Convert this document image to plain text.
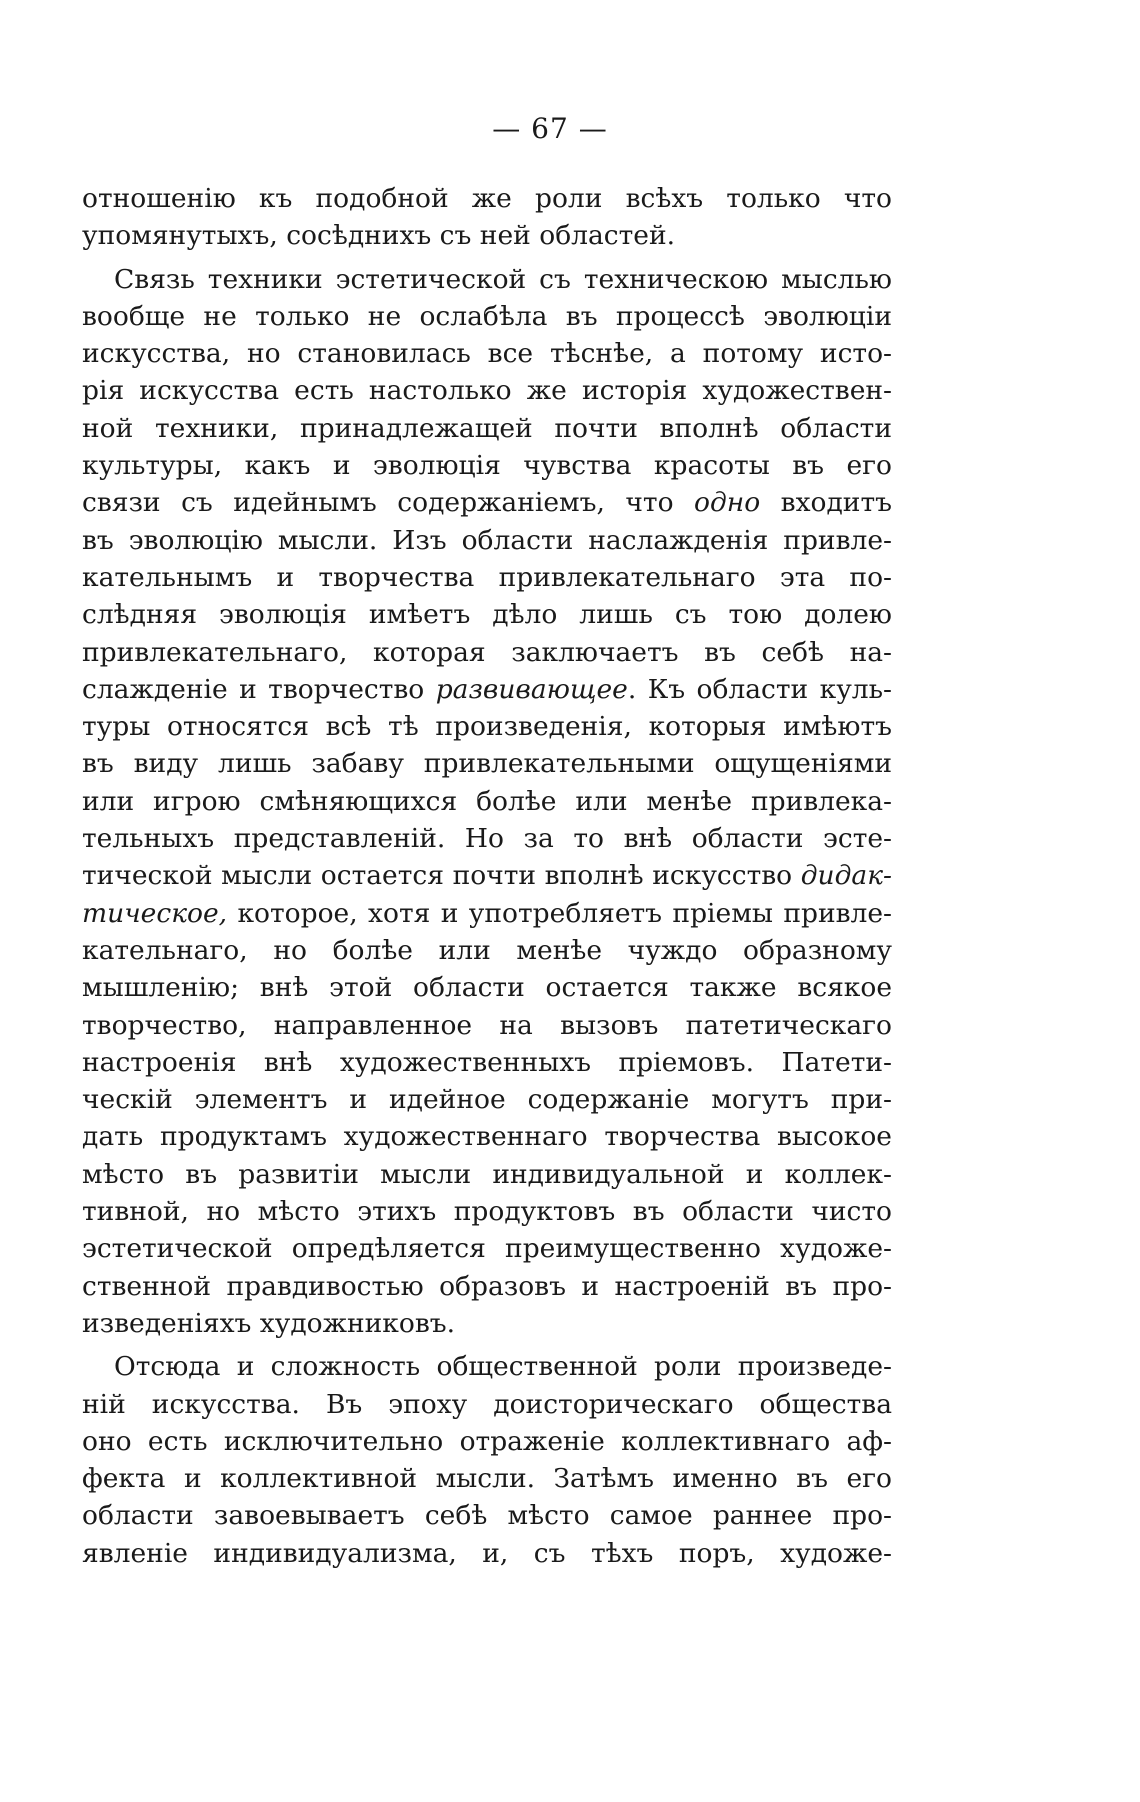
— 67 —
отношенію къ подобной же роли всѣхъ только что
упомянутыхъ, сосѣднихъ съ ней областей.
Связь техники эстетической съ техническою мыслью
вообще не только не ослабѣла въ процессѣ эволюціи
искусства, но становилась все тѣснѣе, а потому исто-
рія искусства есть настолько же исторія художествен-
ной техники, принадлежащей почти вполнѣ области
культуры, какъ и эволюція чувства красоты въ его
связи съ идейнымъ содержаніемъ, что одно входитъ
въ эволюцію мысли. Изъ области наслажденія привле-
кательнымъ и творчества привлекательнаго эта по-
слѣдняя эволюція имѣетъ дѣло лишь съ тою долею
привлекательнаго, которая заключаетъ въ себѣ на-
слажденіе и творчество развивающее. Къ области куль-
туры относятся всѣ тѣ произведенія, которыя имѣютъ
въ виду лишь забаву привлекательными ощущеніями
или игрою смѣняющихся болѣе или менѣе привлека-
тельныхъ представленій. Но за то внѣ области эсте-
тической мысли остается почти вполнѣ искусство дидак-
тическое, которое, хотя и употребляетъ пріемы привле-
кательнаго, но болѣе или менѣе чуждо образному
мышленію; внѣ этой области остается также всякое
творчество, направленное на вызовъ патетическаго
настроенія внѣ художественныхъ пріемовъ. Патети-
ческій элементъ и идейное содержаніе могутъ при-
дать продуктамъ художественнаго творчества высокое
мѣсто въ развитіи мысли индивидуальной и коллек-
тивной, но мѣсто этихъ продуктовъ въ области чисто
эстетической опредѣляется преимущественно художе-
ственной правдивостью образовъ и настроеній въ про-
изведеніяхъ художниковъ.
Отсюда и сложность общественной роли произведе-
ній искусства. Въ эпоху доисторическаго общества
оно есть исключительно отраженіе коллективнаго аф-
фекта и коллективной мысли. Затѣмъ именно въ его
области завоевываетъ себѣ мѣсто самое раннее про-
явленіе индивидуализма, и, съ тѣхъ поръ, художе-
